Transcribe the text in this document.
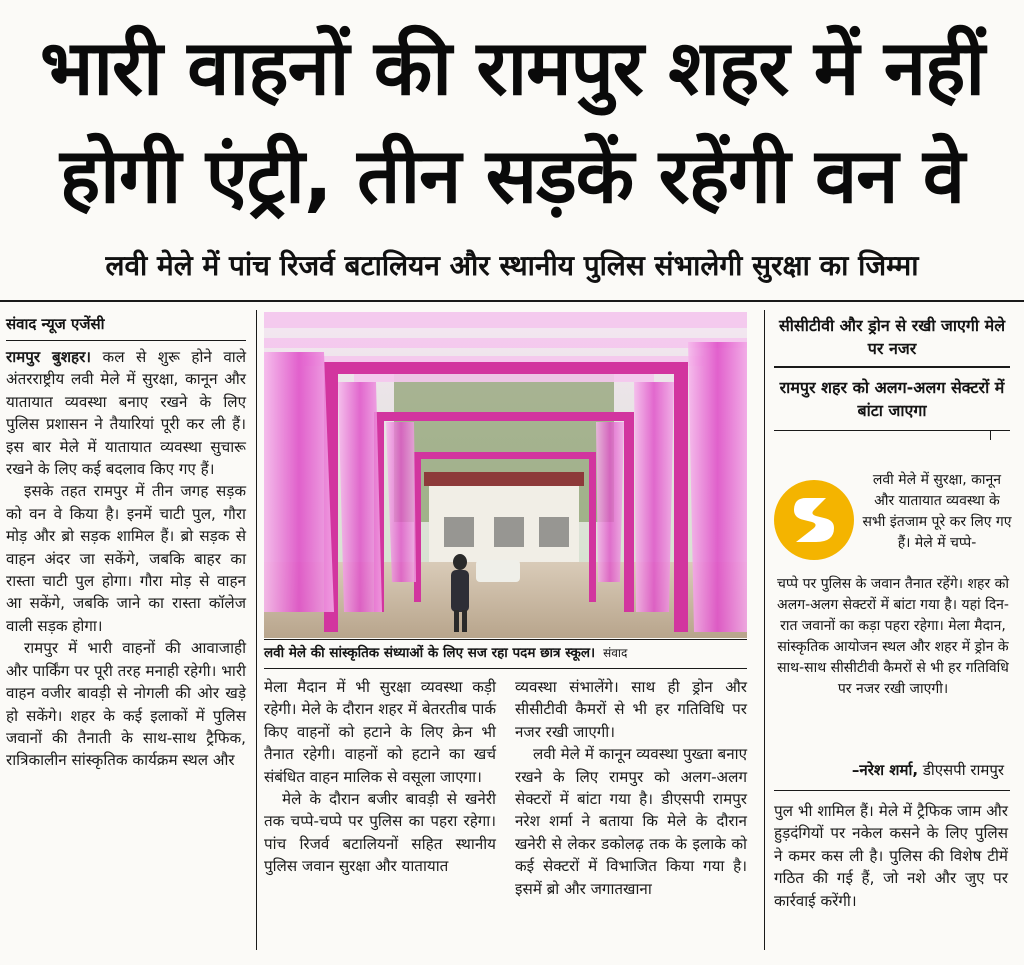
भारी वाहनों की रामपुर शहर में नहीं
होगी एंट्री, तीन सड़कें रहेंगी वन वे
लवी मेले में पांच रिजर्व बटालियन और स्थानीय पुलिस संभालेगी सुरक्षा का जिम्मा
संवाद न्यूज एजेंसी

रामपुर बुशहर। कल से शुरू होने वाले अंतरराष्ट्रीय लवी मेले में सुरक्षा, कानून और यातायात व्यवस्था बनाए रखने के लिए पुलिस प्रशासन ने तैयारियां पूरी कर ली हैं। इस बार मेले में यातायात व्यवस्था सुचारू रखने के लिए कई बदलाव किए गए हैं।

इसके तहत रामपुर में तीन जगह सड़क को वन वे किया है। इनमें चाटी पुल, गौरा मोड़ और ब्रो सड़क शामिल हैं। ब्रो सड़क से वाहन अंदर जा सकेंगे, जबकि बाहर का रास्ता चाटी पुल होगा। गौरा मोड़ से वाहन आ सकेंगे, जबकि जाने का रास्ता कॉलेज वाली सड़क होगा।

रामपुर में भारी वाहनों की आवाजाही और पार्किंग पर पूरी तरह मनाही रहेगी। भारी वाहन वजीर बावड़ी से नोगली की ओर खड़े हो सकेंगे। शहर के कई इलाकों में पुलिस जवानों की तैनाती के साथ-साथ ट्रैफिक, रात्रिकालीन सांस्कृतिक कार्यक्रम स्थल और

लवी मेले की सांस्कृतिक संध्याओं के लिए सज रहा पदम छात्र स्कूल। संवाद

मेला मैदान में भी सुरक्षा व्यवस्था कड़ी रहेगी। मेले के दौरान शहर में बेतरतीब पार्क किए वाहनों को हटाने के लिए क्रेन भी तैनात रहेगी। वाहनों को हटाने का खर्च संबंधित वाहन मालिक से वसूला जाएगा।

मेले के दौरान बजीर बावड़ी से खनेरी तक चप्पे-चप्पे पर पुलिस का पहरा रहेगा। पांच रिजर्व बटालियनों सहित स्थानीय पुलिस जवान सुरक्षा और यातायात

व्यवस्था संभालेंगे। साथ ही ड्रोन और सीसीटीवी कैमरों से भी हर गतिविधि पर नजर रखी जाएगी।

लवी मेले में कानून व्यवस्था पुख्ता बनाए रखने के लिए रामपुर को अलग-अलग सेक्टरों में बांटा गया है। डीएसपी रामपुर नरेश शर्मा ने बताया कि मेले के दौरान खनेरी से लेकर डकोलढ़ तक के इलाके को कई सेक्टरों में विभाजित किया गया है। इसमें ब्रो और जगातखाना

सीसीटीवी और ड्रोन से रखी जाएगी मेले पर नजर
रामपुर शहर को अलग-अलग सेक्टरों में बांटा जाएगा
लवी मेले में सुरक्षा, कानून और यातायात व्यवस्था के सभी इंतजाम पूरे कर लिए गए हैं। मेले में चप्पे-
चप्पे पर पुलिस के जवान तैनात रहेंगे। शहर को अलग-अलग सेक्टरों में बांटा गया है। यहां दिन-रात जवानों का कड़ा पहरा रहेगा। मेला मैदान, सांस्कृतिक आयोजन स्थल और शहर में ड्रोन के साथ-साथ सीसीटीवी कैमरों से भी हर गतिविधि पर नजर रखी जाएगी।
–नरेश शर्मा, डीएसपी रामपुर

पुल भी शामिल हैं। मेले में ट्रैफिक जाम और हुड़दंगियों पर नकेल कसने के लिए पुलिस ने कमर कस ली है। पुलिस की विशेष टीमें गठित की गई हैं, जो नशे और जुए पर कार्रवाई करेंगी।
